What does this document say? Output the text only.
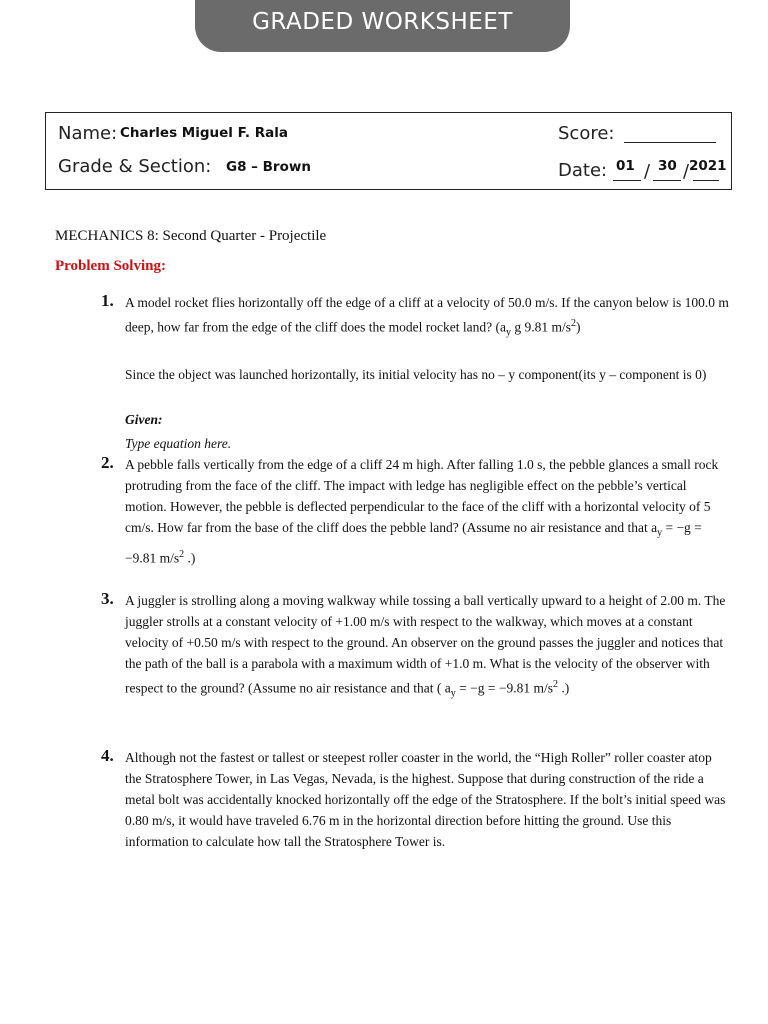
GRADED WORKSHEET
Name: Charles Miguel F. Rala
Grade & Section: G8 – Brown
Score:
Date: 01 / 30 / 2021
MECHANICS 8: Second Quarter - Projectile
Problem Solving:
1. A model rocket flies horizontally off the edge of a cliff at a velocity of 50.0 m/s. If the canyon below is 100.0 m deep, how far from the edge of the cliff does the model rocket land? ($a_y$ g 9.81 $m/s^2$)
Since the object was launched horizontally, its initial velocity has no – y component(its y – component is 0)
Given:
Type equation here.
2. A pebble falls vertically from the edge of a cliff 24 m high. After falling 1.0 s, the pebble glances a small rock protruding from the face of the cliff. The impact with ledge has negligible effect on the pebble’s vertical motion. However, the pebble is deflected perpendicular to the face of the cliff with a horizontal velocity of 5 cm/s. How far from the base of the cliff does the pebble land? (Assume no air resistance and that $a_y = -g = -9.81$ $m/s^2$ .)
3. A juggler is strolling along a moving walkway while tossing a ball vertically upward to a height of 2.00 m. The juggler strolls at a constant velocity of +1.00 m/s with respect to the walkway, which moves at a constant velocity of +0.50 m/s with respect to the ground. An observer on the ground passes the juggler and notices that the path of the ball is a parabola with a maximum width of +1.0 m. What is the velocity of the observer with respect to the ground? (Assume no air resistance and that ( $a_y = -g = -9.81$ $m/s^2$ .)
4. Although not the fastest or tallest or steepest roller coaster in the world, the “High Roller” roller coaster atop the Stratosphere Tower, in Las Vegas, Nevada, is the highest. Suppose that during construction of the ride a metal bolt was accidentally knocked horizontally off the edge of the Stratosphere. If the bolt’s initial speed was 0.80 m/s, it would have traveled 6.76 m in the horizontal direction before hitting the ground. Use this information to calculate how tall the Stratosphere Tower is.
